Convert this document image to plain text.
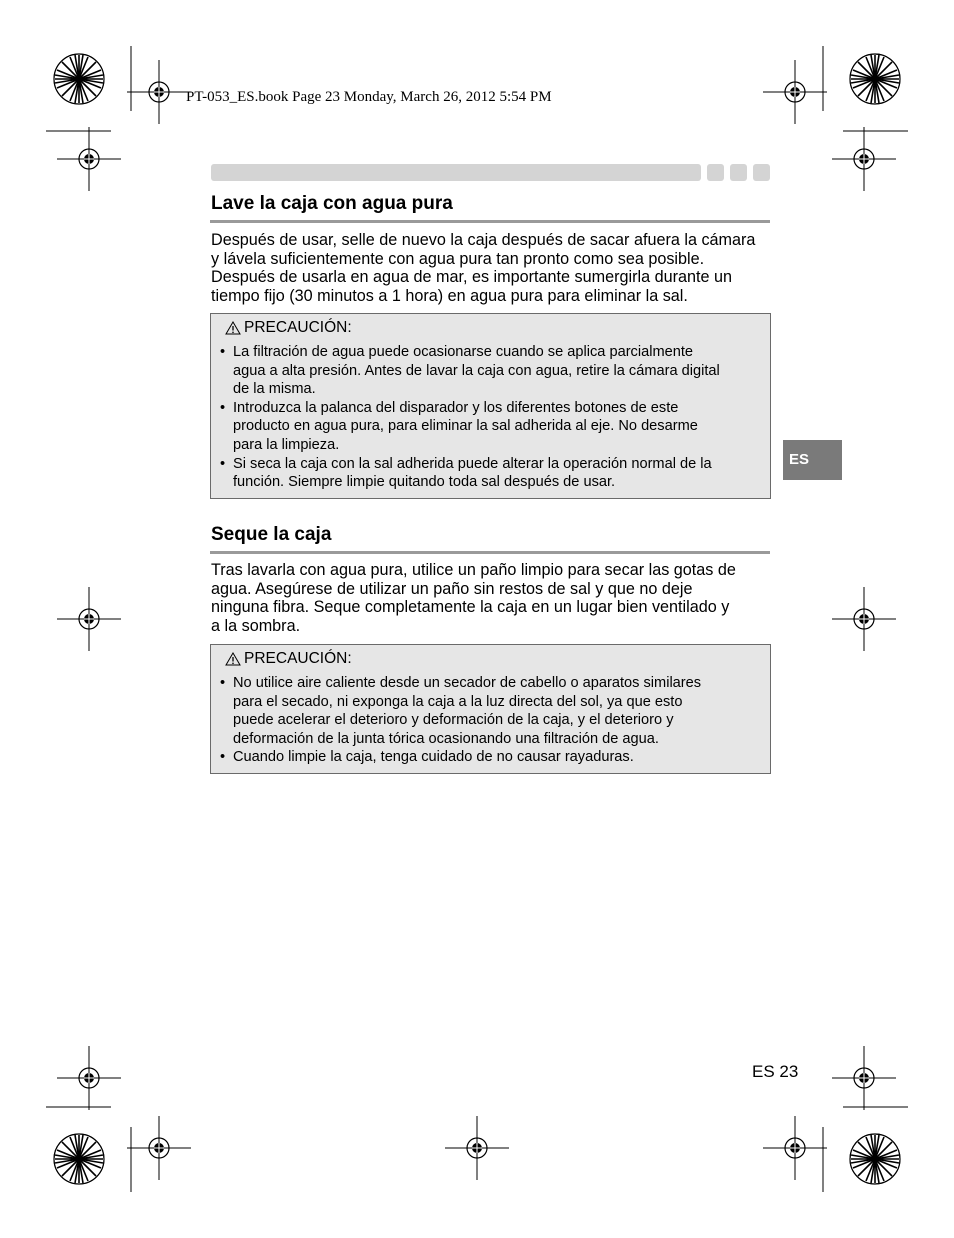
PT-053_ES.book Page 23 Monday, March 26, 2012 5:54 PM
Lave la caja con agua pura
Después de usar, selle de nuevo la caja después de sacar afuera la cámara
y lávela suficientemente con agua pura tan pronto como sea posible.
Después de usarla en agua de mar, es importante sumergirla durante un
tiempo fijo (30 minutos a 1 hora) en agua pura para eliminar la sal.
PRECAUCIÓN:
• La filtración de agua puede ocasionarse cuando se aplica parcialmente
agua a alta presión. Antes de lavar la caja con agua, retire la cámara digital
de la misma.
• Introduzca la palanca del disparador y los diferentes botones de este
producto en agua pura, para eliminar la sal adherida al eje. No desarme
para la limpieza.
• Si seca la caja con la sal adherida puede alterar la operación normal de la
función. Siempre limpie quitando toda sal después de usar.
Seque la caja
Tras lavarla con agua pura, utilice un paño limpio para secar las gotas de
agua. Asegúrese de utilizar un paño sin restos de sal y que no deje
ninguna fibra. Seque completamente la caja en un lugar bien ventilado y
a la sombra.
PRECAUCIÓN:
• No utilice aire caliente desde un secador de cabello o aparatos similares
para el secado, ni exponga la caja a la luz directa del sol, ya que esto
puede acelerar el deterioro y deformación de la caja, y el deterioro y
deformación de la junta tórica ocasionando una filtración de agua.
• Cuando limpie la caja, tenga cuidado de no causar rayaduras.
ES
ES 23
